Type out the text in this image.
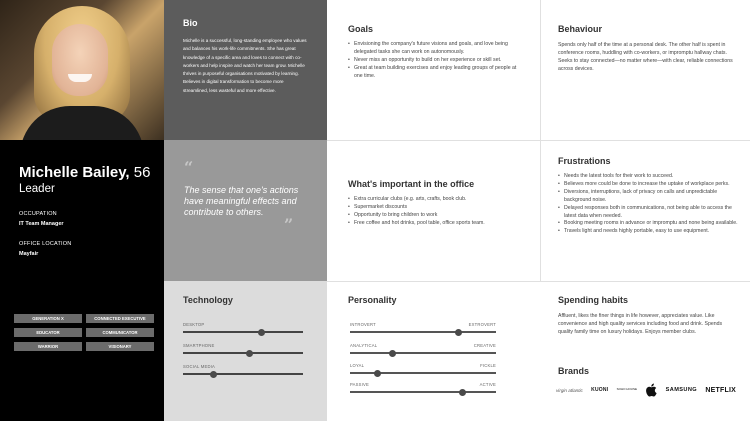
Michelle Bailey, 56
Leader
OCCUPATION
IT Team Manager
OFFICE LOCATION
Mayfair
GENERATION X	CONNECTED EXECUTIVE
EDUCATOR	COMMUNICATOR
WARRIOR	VISIONARY
Bio

Michelle is a successful, long-standing employee who values and balances his work-life commitments. She has great knowledge of a specific area and loves to connect with co-workers and help inspire and watch her team grow. Michelle thrives in purposeful organisations motivated by learning. Believes in digital transformation to become more streamlined, less wasteful and more effective.

“
The sense that one's actions have meaningful effects and contribute to others.
”
Technology
DESKTOP
SMARTPHONE
SOCIAL MEDIA
Goals
• Envisioning the company's future visions and goals, and love being delegated tasks she can work on autonomously.
• Never miss an opportunity to build on her experience or skill set.
• Great at team building exercises and enjoy leading groups of people at one time.
Behaviour

Spends only half of the time at a personal desk. The other half is spent in conference rooms, huddling with co-workers, or impromptu hallway chats. Seeks to stay connected—no matter where—with clear, reliable connections across devices.

What's important in the office
• Extra curricular clubs (e.g. arts, crafts, book club.
• Supermarket discounts
• Opportunity to bring children to work
• Free coffee and hot drinks, pool table, office sports team.
Frustrations
• Needs the latest tools for their work to succeed.
• Believes more could be done to increase the uptake of workplace perks.
• Diversions, interruptions, lack of privacy on calls and unpredictable background noise.
• Delayed responses both in communications, not being able to access the latest data when needed.
• Booking meeting rooms in advance or impromptu and none being available.
• Travels light and needs highly portable, easy to use equipment.
Personality
INTROVERT	EXTROVERT
ANALYTICAL	CREATIVE
LOYAL	FICKLE
PASSIVE	ACTIVE
Spending habits

Affluent, likes the finer things in life however, appreciates value. Like convenience and high quality services including food and drink. Spends quality family time on luxury holidays. Enjoys member clubs.

Brands
virgin atlantic KUONI	SOHO HOUSE	SAMSUNG NETFLIX
